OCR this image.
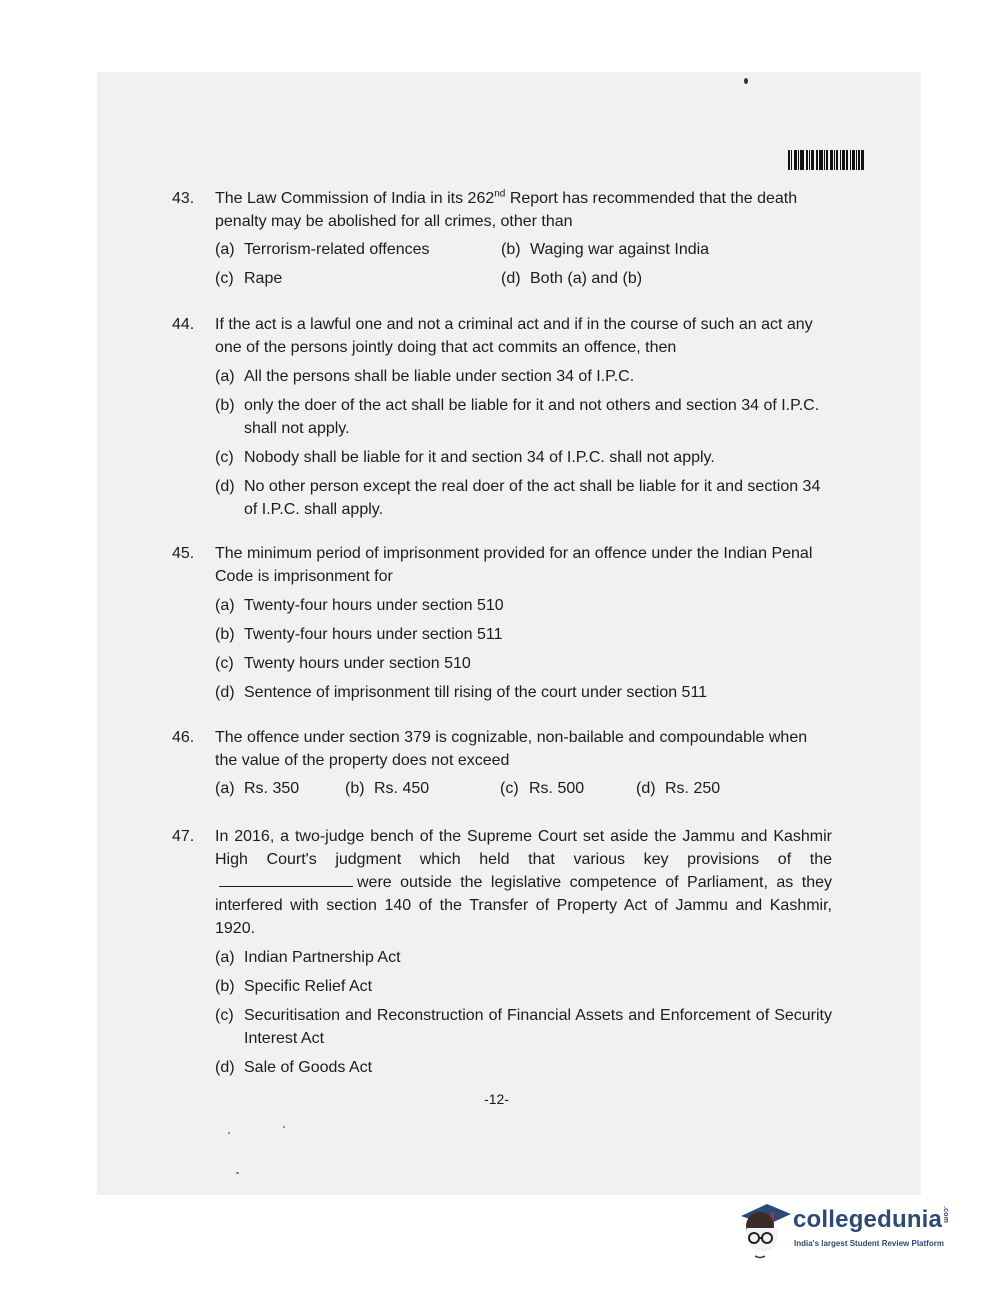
43.	The Law Commission of India in its 262nd Report has recommended that the death penalty may be abolished for all crimes, other than
(a) Terrorism-related offences	(b) Waging war against India
(c) Rape	(d) Both (a) and (b)
44.	If the act is a lawful one and not a criminal act and if in the course of such an act any one of the persons jointly doing that act commits an offence, then
(a) All the persons shall be liable under section 34 of I.P.C.
(b) only the doer of the act shall be liable for it and not others and section 34 of I.P.C. shall not apply.
(c) Nobody shall be liable for it and section 34 of I.P.C. shall not apply.
(d) No other person except the real doer of the act shall be liable for it and section 34 of I.P.C. shall apply.
45.	The minimum period of imprisonment provided for an offence under the Indian Penal Code is imprisonment for
(a) Twenty-four hours under section 510
(b) Twenty-four hours under section 511
(c) Twenty hours under section 510
(d) Sentence of imprisonment till rising of the court under section 511
46.	The offence under section 379 is cognizable, non-bailable and compoundable when the value of the property does not exceed
(a) Rs. 350	(b) Rs. 450	(c) Rs. 500	(d) Rs. 250
47.	In 2016, a two-judge bench of the Supreme Court set aside the Jammu and Kashmir High Court's judgment which held that various key provisions of thewere outside the legislative competence of Parliament, as they interfered with section 140 of the Transfer of Property Act of Jammu and Kashmir, 1920.
(a) Indian Partnership Act
(b) Specific Relief Act
(c) Securitisation and Reconstruction of Financial Assets and Enforcement of Security Interest Act
(d) Sale of Goods Act
-12-
collegedunia.com
India's largest Student Review Platform
